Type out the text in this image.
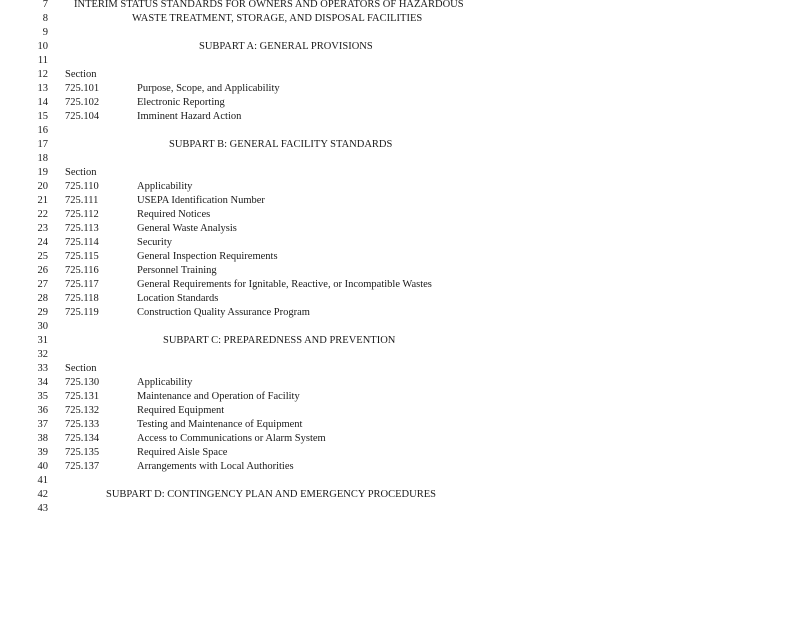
7 INTERIM STATUS STANDARDS FOR OWNERS AND OPERATORS OF HAZARDOUS
8	WASTE TREATMENT, STORAGE, AND DISPOSAL FACILITIES
9
10	SUBPART A: GENERAL PROVISIONS
11
12 Section
13 725.101	Purpose, Scope, and Applicability
14 725.102	Electronic Reporting
15 725.104	Imminent Hazard Action
16
17	SUBPART B: GENERAL FACILITY STANDARDS
18
19 Section
20 725.110	Applicability
21 725.111	USEPA Identification Number
22 725.112	Required Notices
23 725.113	General Waste Analysis
24 725.114	Security
25 725.115	General Inspection Requirements
26 725.116	Personnel Training
27 725.117	General Requirements for Ignitable, Reactive, or Incompatible Wastes
28 725.118	Location Standards
29 725.119	Construction Quality Assurance Program
30
31	SUBPART C: PREPAREDNESS AND PREVENTION
32
33 Section
34 725.130	Applicability
35 725.131	Maintenance and Operation of Facility
36 725.132	Required Equipment
37 725.133	Testing and Maintenance of Equipment
38 725.134	Access to Communications or Alarm System
39 725.135	Required Aisle Space
40 725.137	Arrangements with Local Authorities
41
42	SUBPART D: CONTINGENCY PLAN AND EMERGENCY PROCEDURES
43
